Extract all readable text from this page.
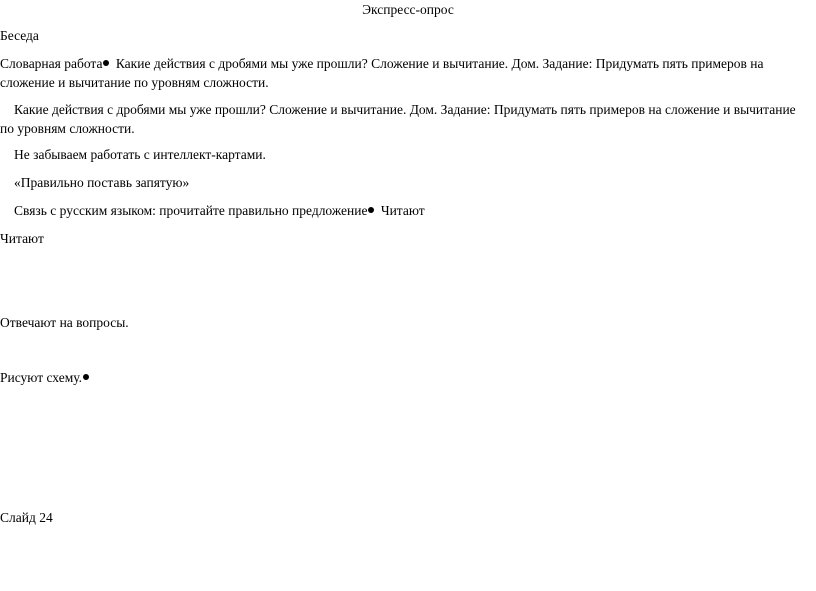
Экспресс-опрос
Беседа
Словарная работа Какие действия с дробями мы уже прошли? Сложение и вычитание. Дом. Задание: Придумать пять примеров на сложение и вычитание по уровням сложности.
Какие действия с дробями мы уже прошли? Сложение и вычитание. Дом. Задание: Придумать пять примеров на сложение и вычитание по уровням сложности.
Не забываем работать с интеллект-картами.
«Правильно поставь запятую»
Связь с русским языком: прочитайте правильно предложение Читают
Читают
Отвечают на вопросы.
Рисуют схему.
Слайд 24
